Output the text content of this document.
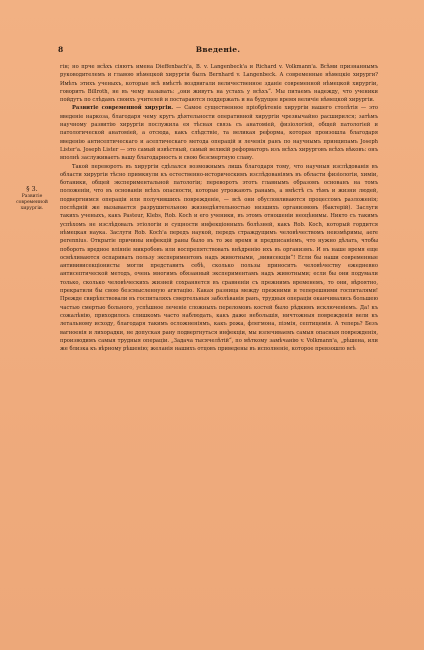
8	Введеніе.
§ 3.
Развитіе современной хирургіи.

гін; но прче всѣхъ сіяютъ имена Dieffenbach'a, B. v. Langenbeck'a и Richard v. Volkmann'a. Всѣми признаннымъ руководителемъ и главою нѣмецкой хирургіи былъ Bernhard v. Langenbeck. А современные нѣмецкіе хирурги? Имѣть этихъ ученыхъ, которые всѣ вмѣстѣ воздвигали величественное зданіе современной нѣмецкой хирургіи, говоритъ Billroth, не въ чему называть: „они живутъ на устахъ у всѣхъ“. Мы питаемъ надежду, что ученики пойдутъ по слѣдамъ своихъ учителей и постараются поддержать и на будущее время величіе нѣмецкой хирургіи.

Развитіе современной хирургіи. — Самое существенное пріобрѣтеніе хирургіи нашего столѣтія — это введеніе наркоза, благодаря чему кругъ дѣятельности оперативной хирургіи чрезвычайно расширился; затѣмъ научному развитію хирургіи послужила ея тѣсная связь съ анатоміей, физіологіей, общей патологіей и патологической анатоміей, а отсюда, какъ слѣдствіе, та великая реформа, которая произошла благодаря введенію антисептическаго и асептическаго метода операцій и леченія ранъ по научнымъ принципамъ Joseph Lister'a. Joseph Lister — это самый извѣстный, самый великій реформаторъ изъ всѣхъ хирурговъ всѣхъ вѣковъ: онъ вполнѣ заслуживаетъ вашу благодарность и свою безсмертную славу.

Такой переворотъ въ хирургіи сдѣлался возможнымъ лишь благодаря тому, что научныя изслѣдованія въ области хирургіи тѣсно примкнули къ естественно-историческимъ изслѣдованіямъ въ области физіологіи, химіи, ботаники, общей экспериментальной патологіи; переворотъ этотъ главнымъ образомъ основанъ на томъ положеніи, что въ основаніи всѣхъ опасности, которые угрожаютъ ранамъ, а вмѣстѣ съ тѣмъ и жизни людей, подвергнимся операціи или получившихъ поврежденіе, — всѣ они обусловливаются процессомъ разложенія; послѣдній же вызывается разрушительною жизнедѣятельностью низшихъ организмовъ (бактерій). Заслуги такихъ ученыхъ, какъ Pasteur, Klebs, Rob. Koch и его ученики, въ этомъ отношеніи неоцѣнимы. Никто съ такимъ успѣхомъ не изслѣдовалъ этіологіи и сущности инфекціонныхъ болѣзней, какъ Rob. Koch, который гордится нѣмецкая наука. Заслуги Rob. Koch'a передъ наукой, передъ страждущимъ человѣчествомъ неизмѣримы, aere perennius. Открытіе причины инфекцій раны было въ то же время и предписаніемъ, что нужно дѣлать, чтобы побороть вредное вліяніе микробовъ или воспрепятствовать внѣдренію ихъ въ организмъ. И въ наше время еще осмѣливаются оспаривать пользу экспериментовъ надъ животными, „вивисекціи“! Если бы наши современные антививисекціонисты могли представить себѣ, сколько пользы приноситъ человѣчеству ежедневно антисептической методъ, очень многимъ обязанный экспериментамъ надъ животными; если бы они подумали только, сколько человѣческихъ жизней сохраняется въ сравненіи съ прежнимъ временемъ, то они, вѣроятно, прекратили бы свою безсмысленную агитацію. Какая разница между прежними и теперешними госпиталями! Прежде свирѣпствовали въ госпиталяхъ смертельныя заболѣванія ранъ, трудныя операціи оканчивались большею частью смертью больного, успѣшное леченіе сложныхъ переломовъ костей было рѣдкимъ исключеніемъ. Да! къ сожалѣнію, приходилось слишкомъ часто наблюдать, какъ даже небольшія, ничтожныя поврежденія вели къ летальному исходу, благодаря такимъ осложненіямъ, какъ рожа, флегмона, піэмія, септицемія. А теперь? Безъ вагноенія и лихорадки, не допуская рану подвергнуться инфекціи, мы излечиваемъ самыя опасныя поврежденія, производимъ самыя трудныя операціи. „Задача тысячелѣтій“, по мѣткому замѣчанію v. Volkmann'a, „рѣшена, или же близка къ вѣрному рѣшенію; желанія нашихъ отцовъ приведены въ исполненіе, которое превзошло всѣ
